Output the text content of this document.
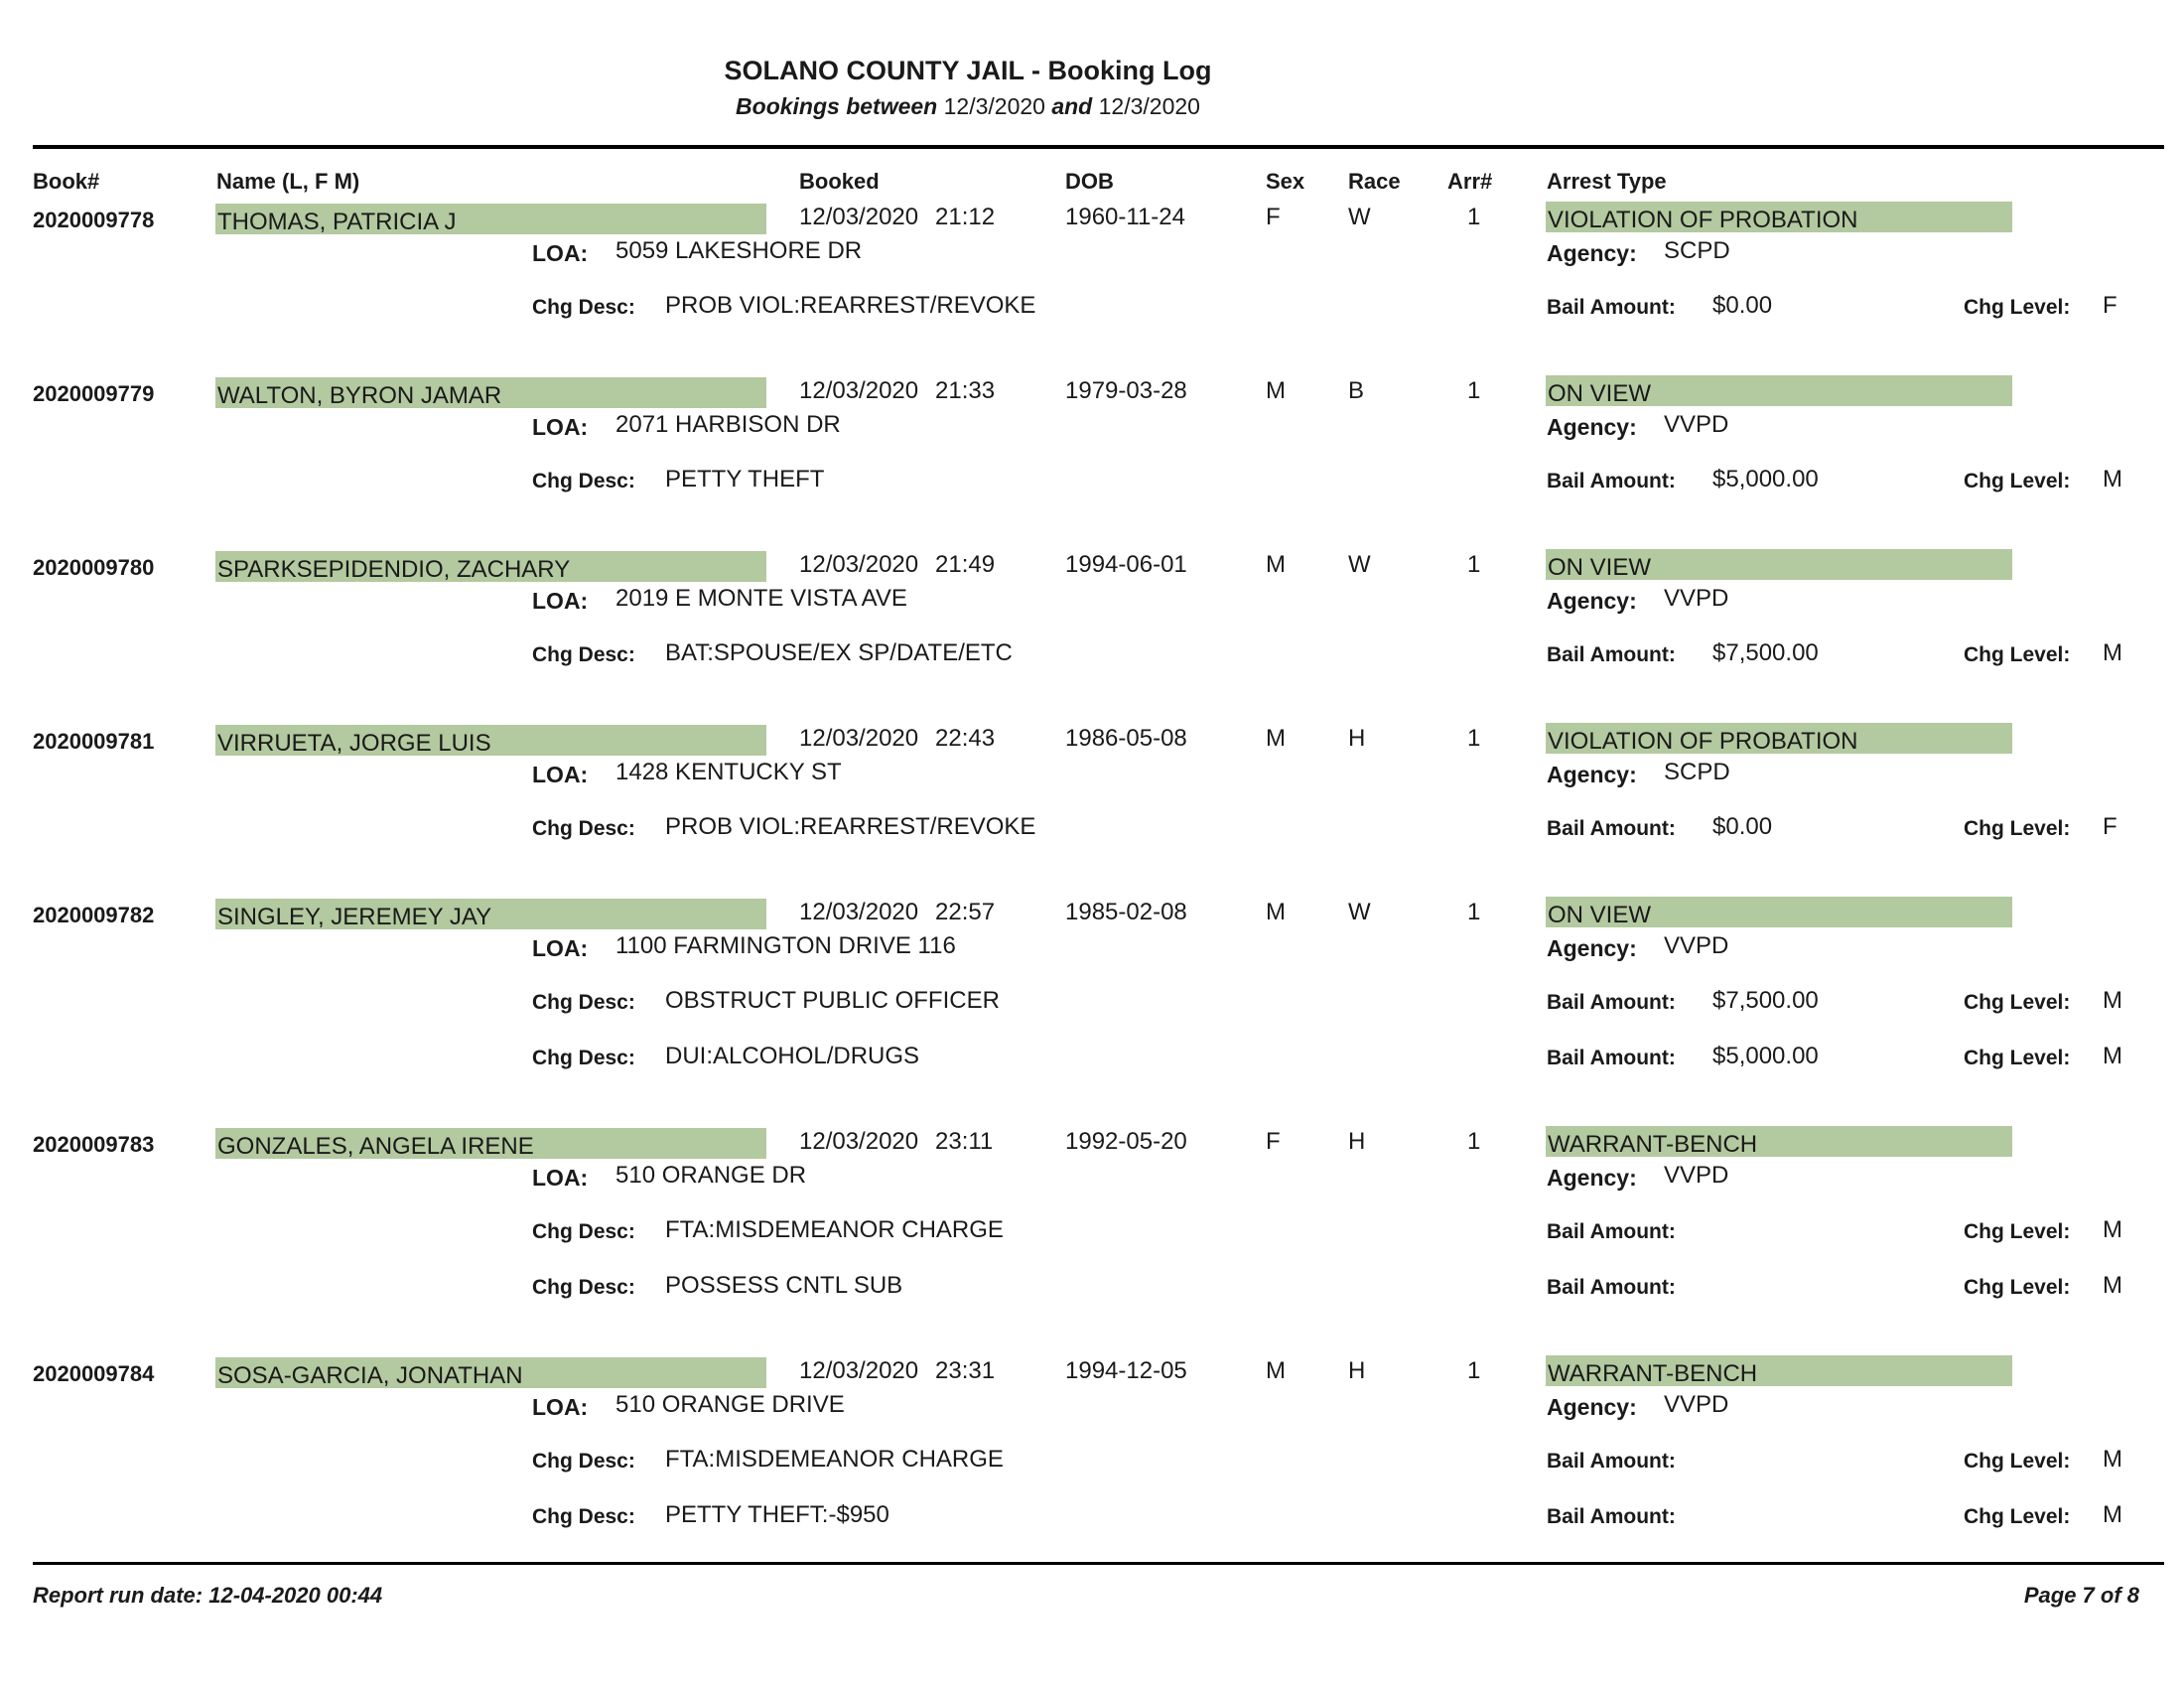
SOLANO COUNTY JAIL - Booking Log
Bookings between 12/3/2020 and 12/3/2020
Book#	Name (L, F M)	Booked	DOB	Sex Race Arr# Arrest Type
2020009778	THOMAS, PATRICIA J	12/03/2020 21:12	1960-11-24	F	W	1	VIOLATION OF PROBATION
LOA: 5059 LAKESHORE DR	Agency: SCPD
Chg Desc: PROB VIOL:REARREST/REVOKE	Bail Amount: $0.00	Chg Level: F
2020009779	WALTON, BYRON JAMAR	12/03/2020 21:33	1979-03-28	M	B	1	ON VIEW
LOA: 2071 HARBISON DR	Agency: VVPD
Chg Desc: PETTY THEFT	Bail Amount: $5,000.00	Chg Level: M
2020009780	SPARKSEPIDENDIO, ZACHARY	12/03/2020 21:49	1994-06-01	M	W	1	ON VIEW
LOA: 2019 E MONTE VISTA AVE	Agency: VVPD
Chg Desc: BAT:SPOUSE/EX SP/DATE/ETC	Bail Amount: $7,500.00	Chg Level: M
2020009781	VIRRUETA, JORGE LUIS	12/03/2020 22:43	1986-05-08	M	H	1	VIOLATION OF PROBATION
LOA: 1428 KENTUCKY ST	Agency: SCPD
Chg Desc: PROB VIOL:REARREST/REVOKE	Bail Amount: $0.00	Chg Level: F
2020009782	SINGLEY, JEREMEY JAY	12/03/2020 22:57	1985-02-08	M	W	1	ON VIEW
LOA: 1100 FARMINGTON DRIVE 116	Agency: VVPD
Chg Desc: OBSTRUCT PUBLIC OFFICER	Bail Amount: $7,500.00	Chg Level: M
Chg Desc: DUI:ALCOHOL/DRUGS	Bail Amount: $5,000.00	Chg Level: M
2020009783	GONZALES, ANGELA IRENE	12/03/2020 23:11	1992-05-20	F	H	1	WARRANT-BENCH
LOA: 510 ORANGE DR	Agency: VVPD
Chg Desc: FTA:MISDEMEANOR CHARGE	Bail Amount:	Chg Level: M
Chg Desc: POSSESS CNTL SUB	Bail Amount:	Chg Level: M
2020009784	SOSA-GARCIA, JONATHAN	12/03/2020 23:31	1994-12-05	M	H	1	WARRANT-BENCH
LOA: 510 ORANGE DRIVE	Agency: VVPD
Chg Desc: FTA:MISDEMEANOR CHARGE	Bail Amount:	Chg Level: M
Chg Desc: PETTY THEFT:-$950	Bail Amount:	Chg Level: M
Report run date: 12-04-2020 00:44	Page 7 of 8
